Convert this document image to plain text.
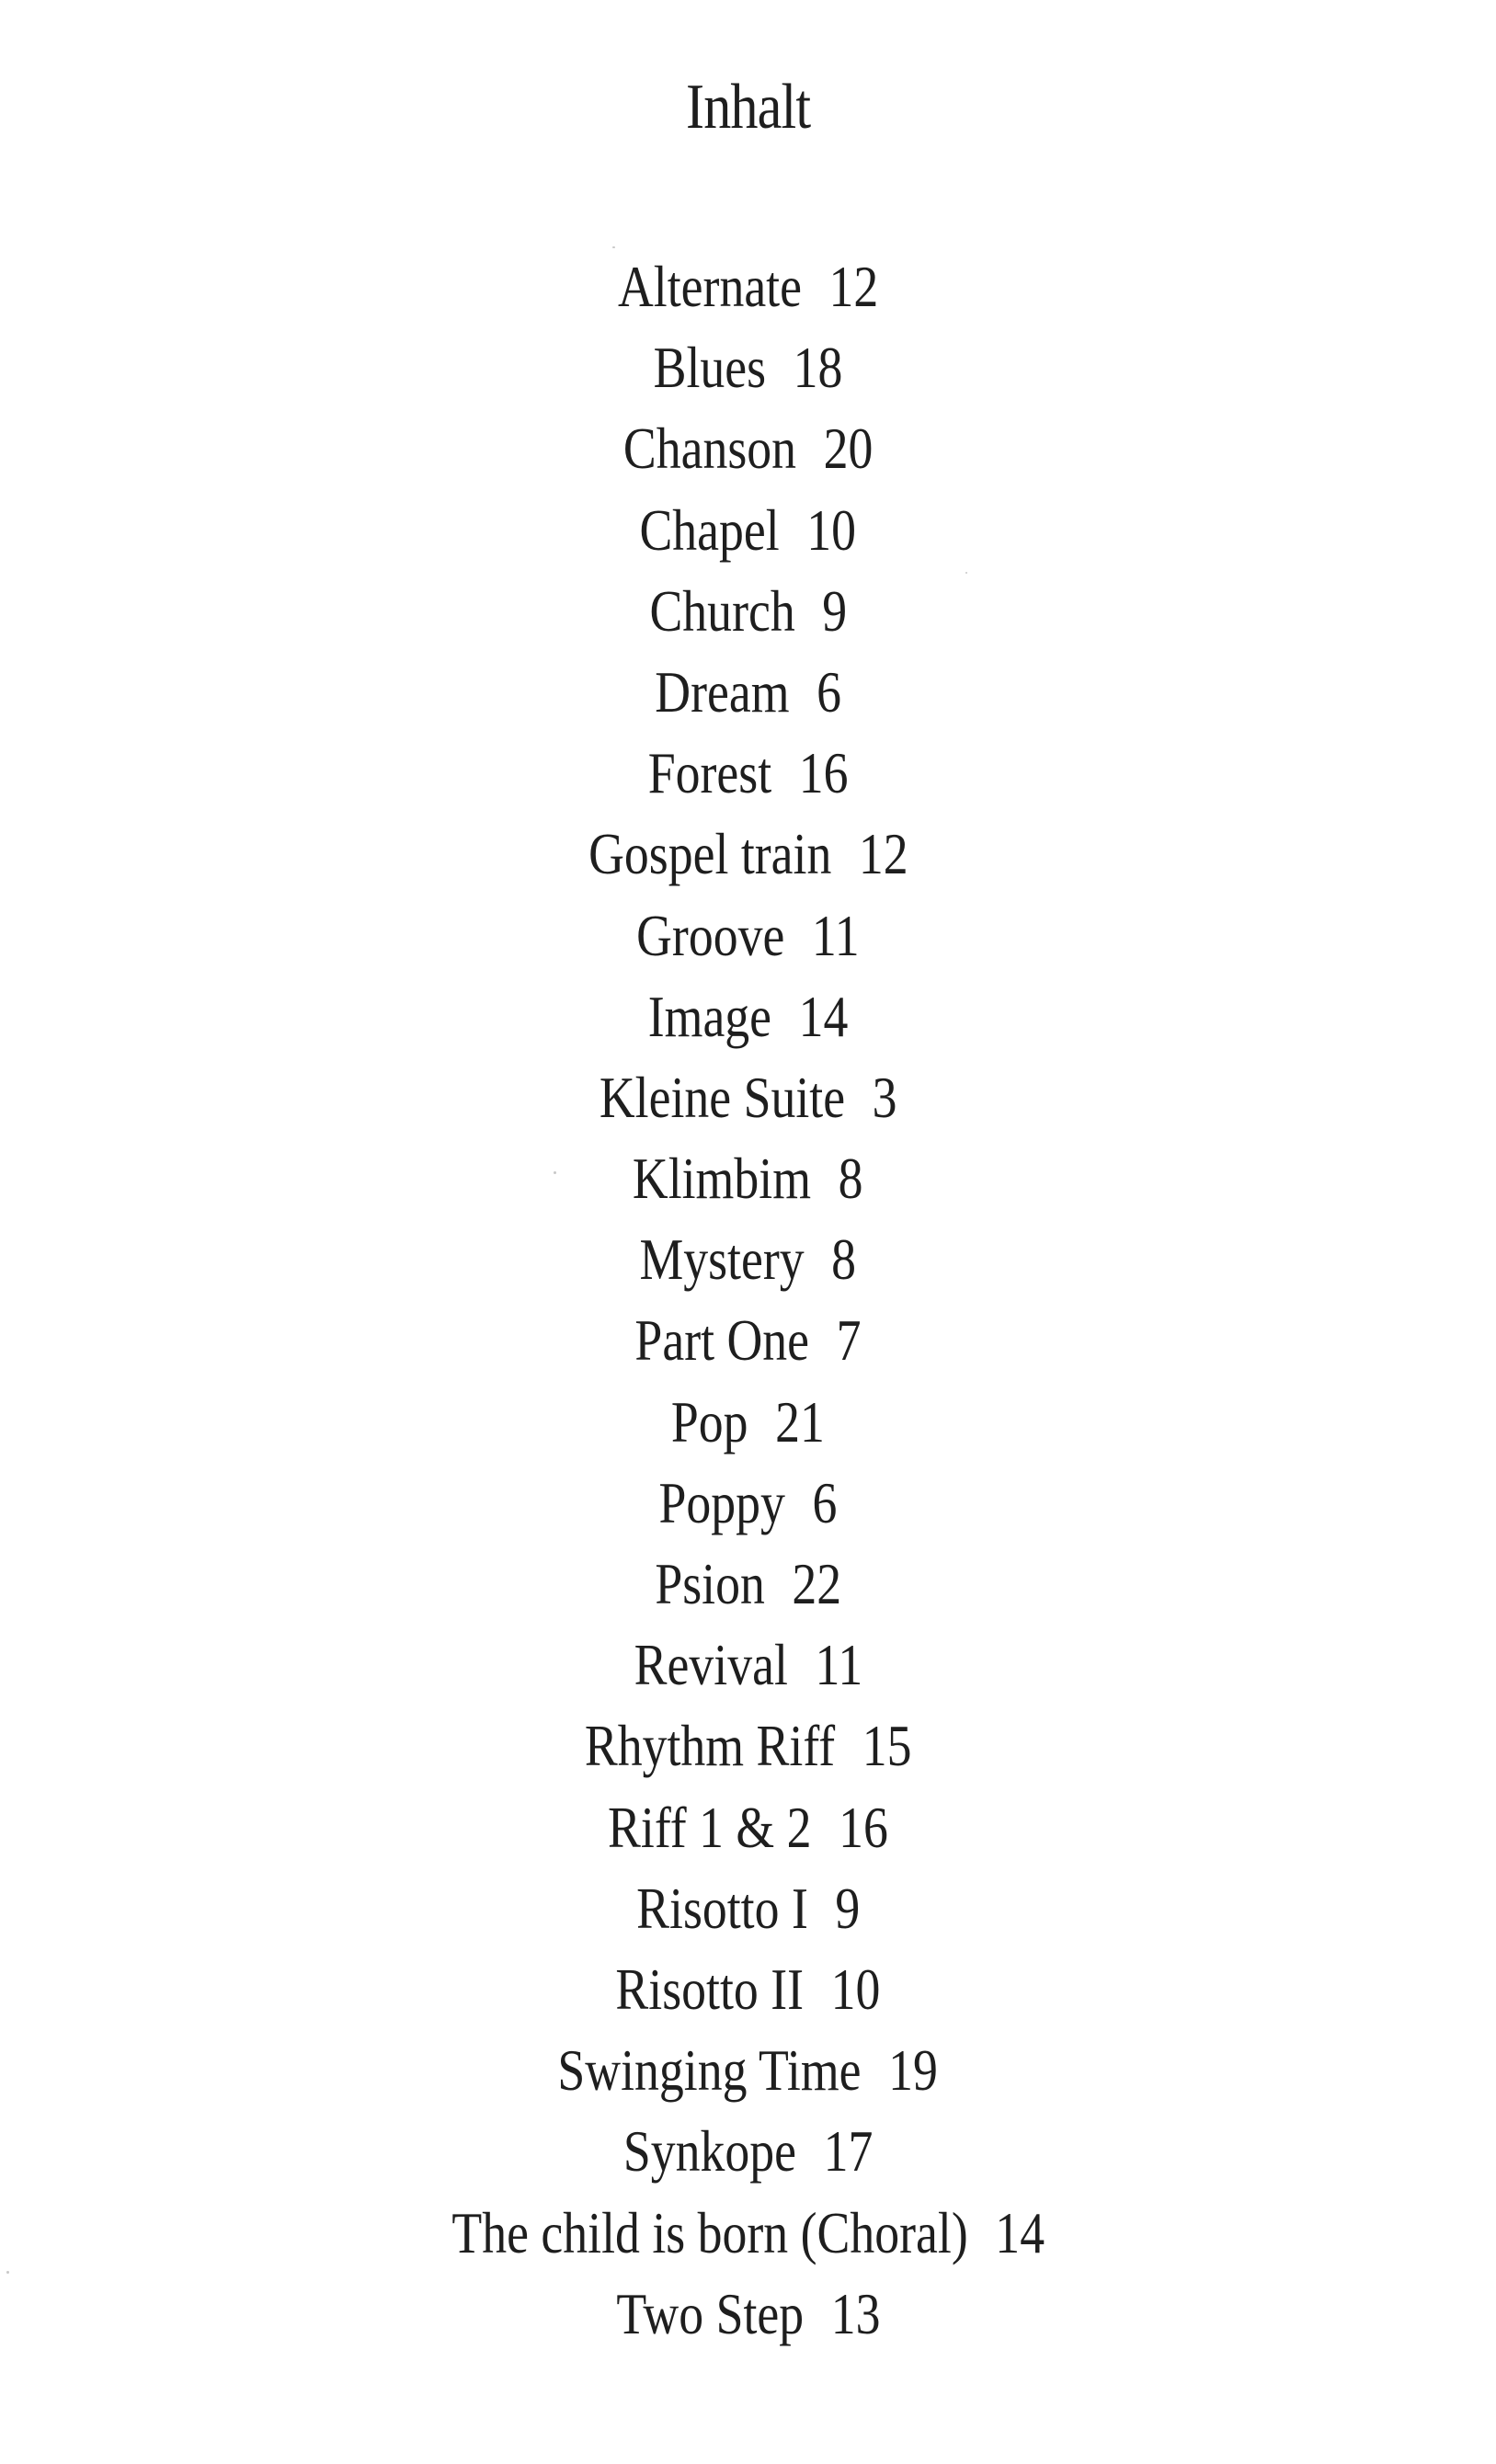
Inhalt
Alternate 12
Blues 18
Chanson 20
Chapel 10
Church 9
Dream 6
Forest 16
Gospel train 12
Groove 11
Image 14
Kleine Suite 3
Klimbim 8
Mystery 8
Part One 7
Pop 21
Poppy 6
Psion 22
Revival 11
Rhythm Riff 15
Riff 1 & 2 16
Risotto I 9
Risotto II 10
Swinging Time 19
Synkope 17
The child is born (Choral) 14
Two Step 13
